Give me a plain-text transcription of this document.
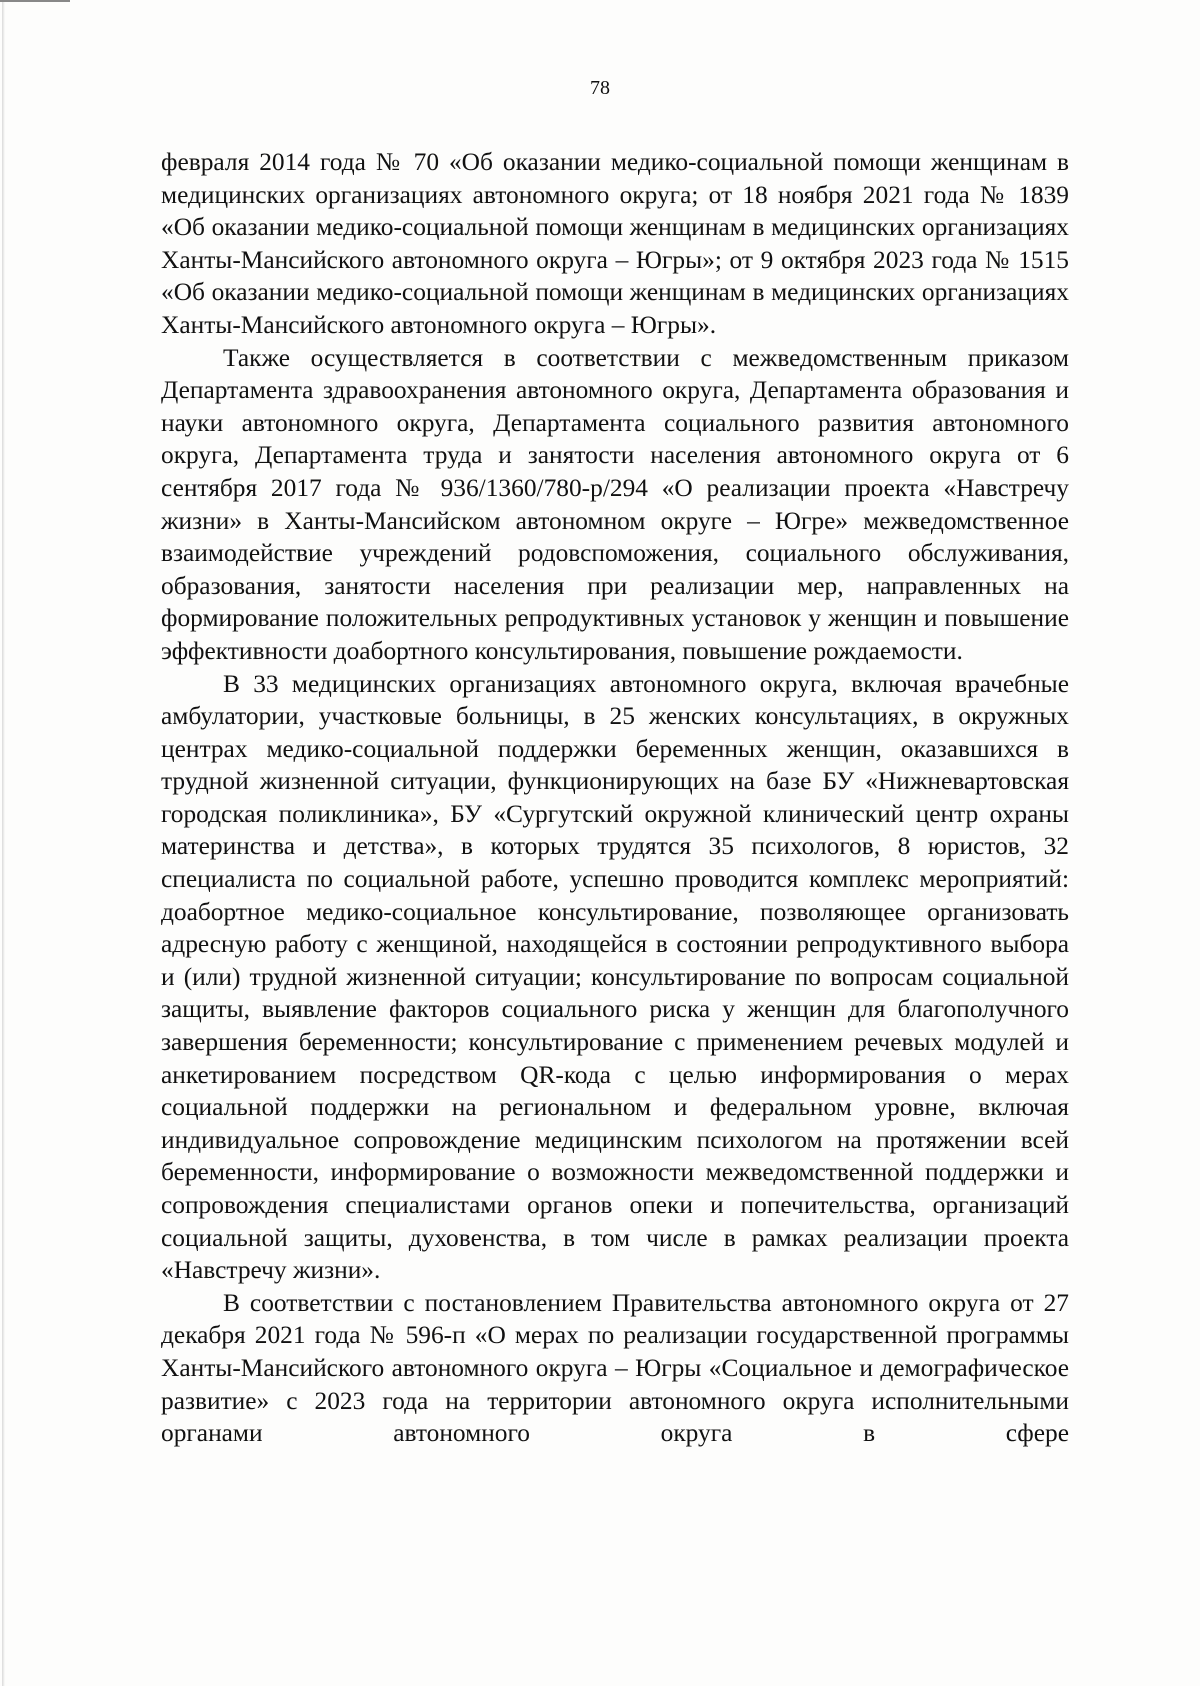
78

февраля 2014 года № 70 «Об оказании медико-социальной помощи женщинам в медицинских организациях автономного округа; от 18 ноября 2021 года № 1839 «Об оказании медико-социальной помощи женщинам в медицинских организациях Ханты-Мансийского автономного округа – Югры»; от 9 октября 2023 года № 1515 «Об оказании медико-социальной помощи женщинам в медицинских организациях Ханты-Мансийского автономного округа – Югры».

Также осуществляется в соответствии с межведомственным приказом Департамента здравоохранения автономного округа, Департамента образования и науки автономного округа, Департамента социального развития автономного округа, Департамента труда и занятости населения автономного округа от 6 сентября 2017 года № 936/1360/780-р/294 «О реализации проекта «Навстречу жизни» в Ханты-Мансийском автономном округе – Югре» межведомственное взаимодействие учреждений родовспоможения, социального обслуживания, образования, занятости населения при реализации мер, направленных на формирование положительных репродуктивных установок у женщин и повышение эффективности доабортного консультирования, повышение рождаемости.

В 33 медицинских организациях автономного округа, включая врачебные амбулатории, участковые больницы, в 25 женских консультациях, в окружных центрах медико-социальной поддержки беременных женщин, оказавшихся в трудной жизненной ситуации, функционирующих на базе БУ «Нижневартовская городская поликлиника», БУ «Сургутский окружной клинический центр охраны материнства и детства», в которых трудятся 35 психологов, 8 юристов, 32 специалиста по социальной работе, успешно проводится комплекс мероприятий: доабортное медико-социальное консультирование, позволяющее организовать адресную работу с женщиной, находящейся в состоянии репродуктивного выбора и (или) трудной жизненной ситуации; консультирование по вопросам социальной защиты, выявление факторов социального риска у женщин для благополучного завершения беременности; консультирование с применением речевых модулей и анкетированием посредством QR-кода с целью информирования о мерах социальной поддержки на региональном и федеральном уровне, включая индивидуальное сопровождение медицинским психологом на протяжении всей беременности, информирование о возможности межведомственной поддержки и сопровождения специалистами органов опеки и попечительства, организаций социальной защиты, духовенства, в том числе в рамках реализации проекта «Навстречу жизни».

В соответствии с постановлением Правительства автономного округа от 27 декабря 2021 года № 596-п «О мерах по реализации государственной программы Ханты-Мансийского автономного округа – Югры «Социальное и демографическое развитие» с 2023 года на территории автономного округа исполнительными органами автономного округа в сфере
